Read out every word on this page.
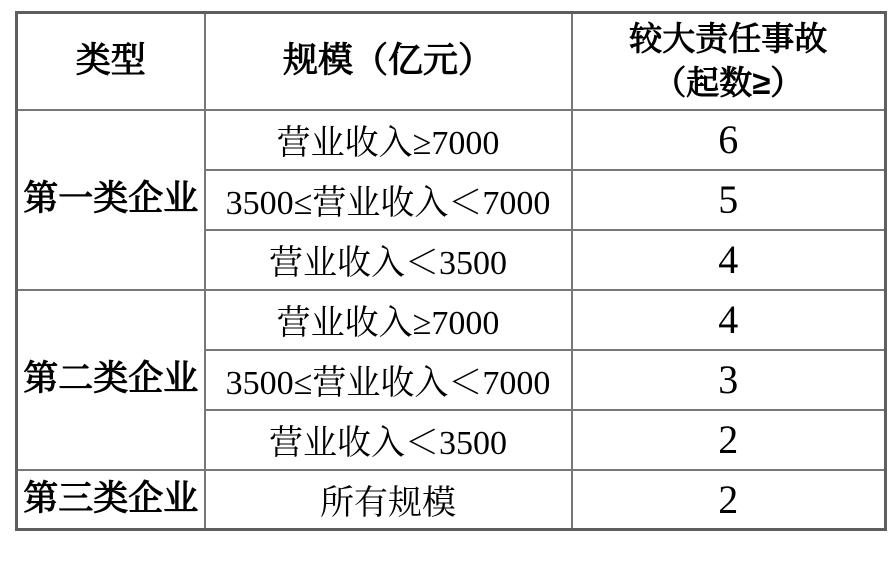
类型	规模（亿元）	较大责任事故
（起数≥）

第一类企业	营业收入≥7000	6
	3500≤营业收入＜7000	5
	营业收入＜3500	4
第二类企业	营业收入≥7000	4
	3500≤营业收入＜7000	3
	营业收入＜3500	2
第三类企业	所有规模	2
